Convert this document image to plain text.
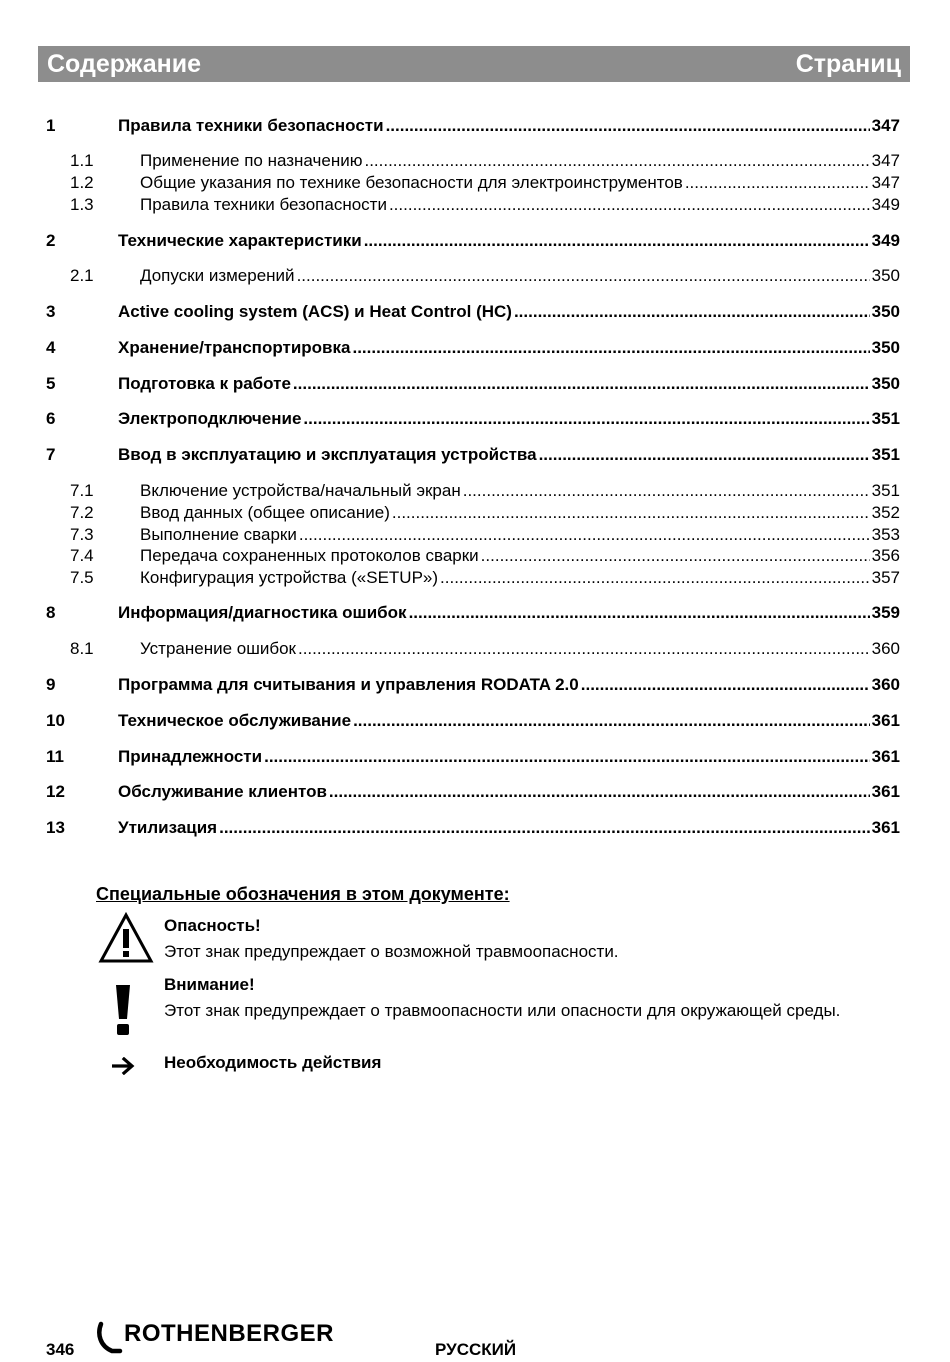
Содержание	Страниц
1	Правила техники безопасности .....	347
1.1	Применение по назначению .....	347
1.2	Общие указания по технике безопасности для электроинструментов .....	347
1.3	Правила техники безопасности .....	349
2	Технические характеристики .....	349
2.1	Допуски измерений .....	350
3	Active cooling system (ACS) и Heat Control (HC) .....	350
4	Хранение/транспортировка .....	350
5	Подготовка к работе .....	350
6	Электроподключение .....	351
7	Ввод в эксплуатацию и эксплуатация устройства .....	351
7.1	Включение устройства/начальный экран .....	351
7.2	Ввод данных (общее описание) .....	352
7.3	Выполнение сварки .....	353
7.4	Передача сохраненных протоколов сварки .....	356
7.5	Конфигурация устройства («SETUP») .....	357
8	Информация/диагностика ошибок .....	359
8.1	Устранение ошибок .....	360
9	Программа для считывания и управления RODATA 2.0 .....	360
10	Техническое обслуживание .....	361
11	Принадлежности .....	361
12	Обслуживание клиентов .....	361
13	Утилизация .....	361
Специальные обозначения в этом документе:
Опасность!
Этот знак предупреждает о возможной травмоопасности.
Внимание!
Этот знак предупреждает о травмоопасности или опасности для окружающей среды.
Необходимость действия
346
ROTHENBERGER
РУССКИЙ
